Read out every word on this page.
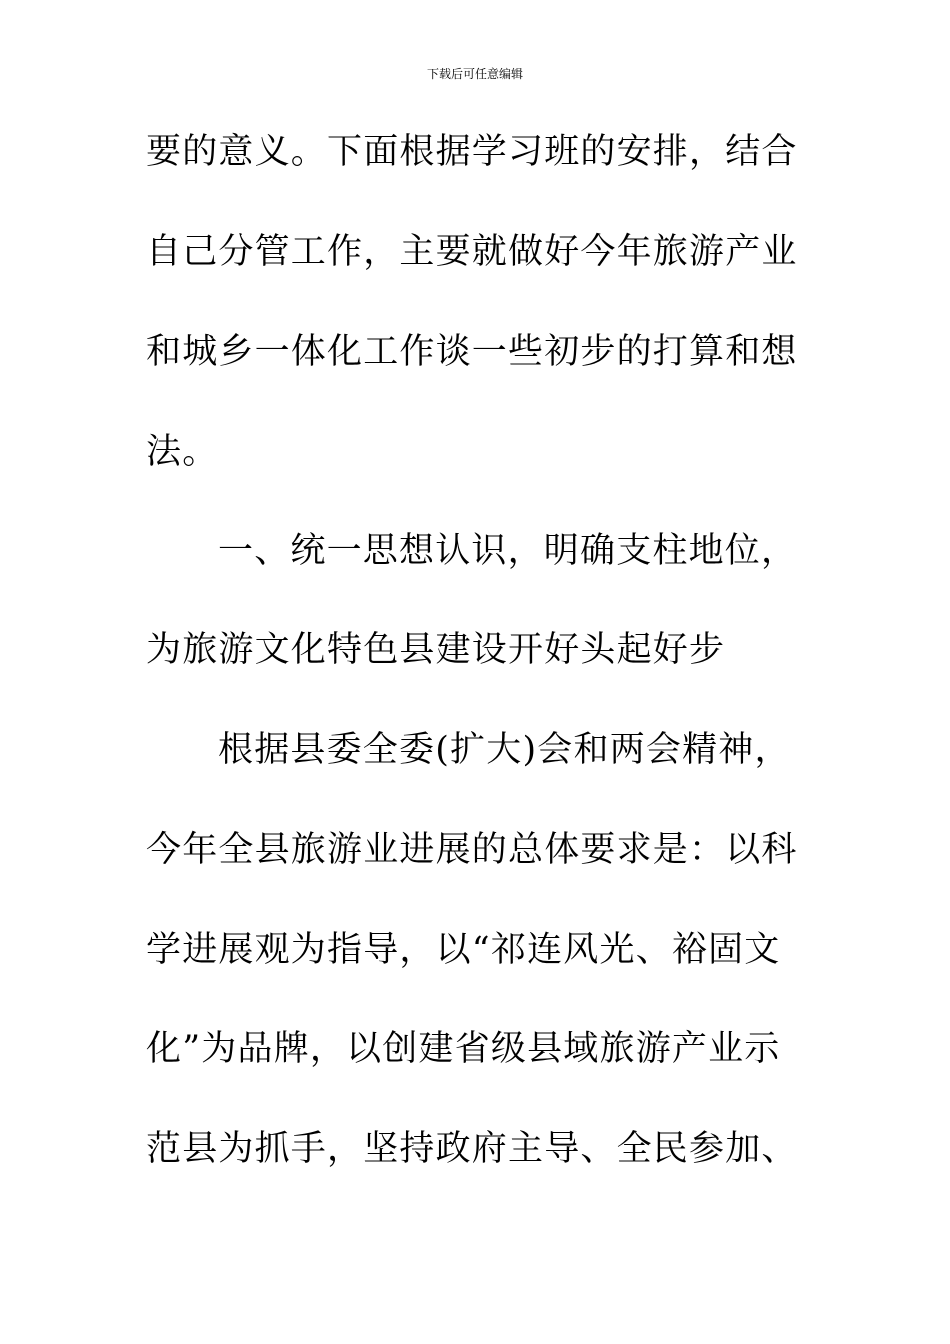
下载后可任意编辑
要的意义。下面根据学习班的安排，结合
自己分管工作，主要就做好今年旅游产业
和城乡一体化工作谈一些初步的打算和想
法。
一、统一思想认识，明确支柱地位，
为旅游文化特色县建设开好头起好步
根据县委全委(扩大)会和两会精神，
今年全县旅游业进展的总体要求是：以科
学进展观为指导，以“祁连风光、裕固文
化”为品牌，以创建省级县域旅游产业示
范县为抓手，坚持政府主导、全民参加、
